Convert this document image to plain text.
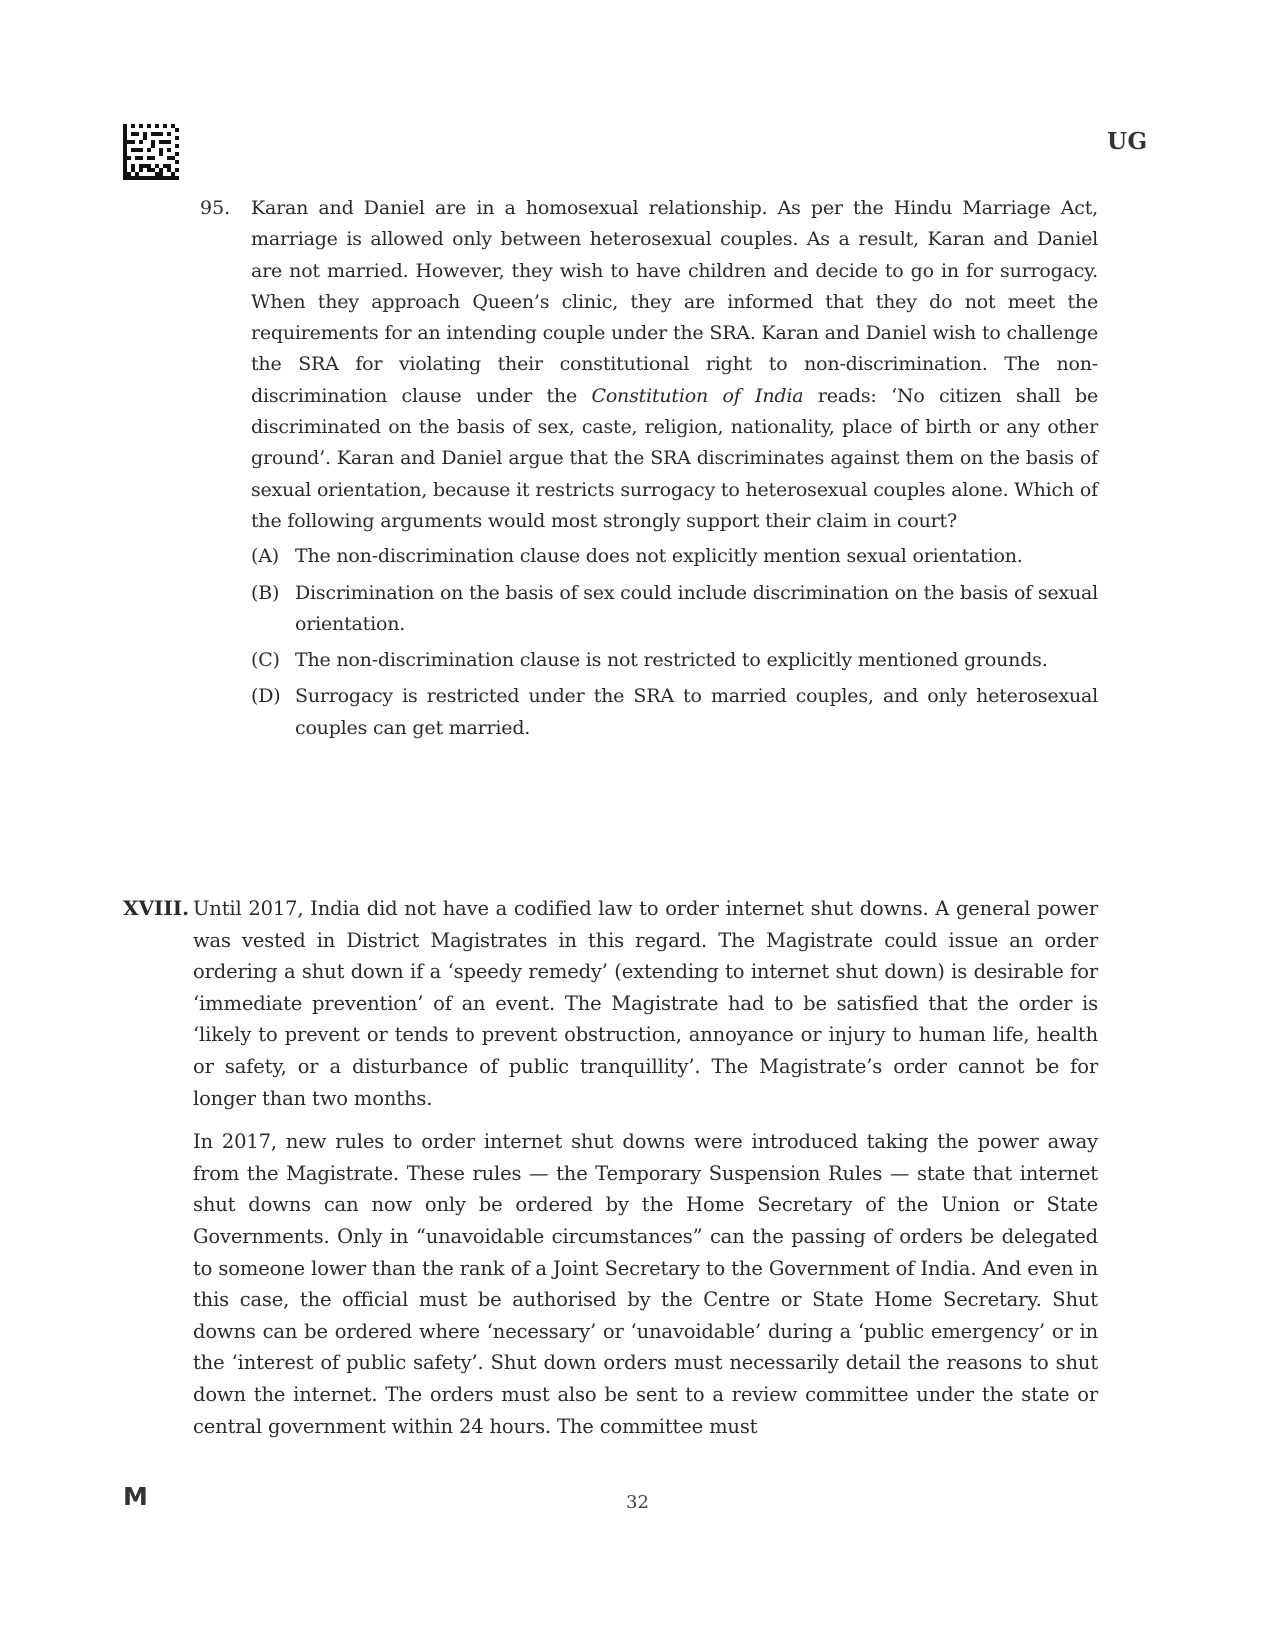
UG
95. Karan and Daniel are in a homosexual relationship. As per the Hindu Marriage Act, marriage is allowed only between heterosexual couples. As a result, Karan and Daniel are not married. However, they wish to have children and decide to go in for surrogacy. When they approach Queen’s clinic, they are informed that they do not meet the requirements for an intending couple under the SRA. Karan and Daniel wish to challenge the SRA for violating their constitutional right to non-discrimination. The non-discrimination clause under the Constitution of India reads: ‘No citizen shall be discriminated on the basis of sex, caste, religion, nationality, place of birth or any other ground’. Karan and Daniel argue that the SRA discriminates against them on the basis of sexual orientation, because it restricts surrogacy to heterosexual couples alone. Which of the following arguments would most strongly support their claim in court?
(A) The non-discrimination clause does not explicitly mention sexual orientation.
(B) Discrimination on the basis of sex could include discrimination on the basis of sexual orientation.
(C) The non-discrimination clause is not restricted to explicitly mentioned grounds.
(D) Surrogacy is restricted under the SRA to married couples, and only heterosexual couples can get married.
XVIII. Until 2017, India did not have a codified law to order internet shut downs. A general power was vested in District Magistrates in this regard. The Magistrate could issue an order ordering a shut down if a ‘speedy remedy’ (extending to internet shut down) is desirable for ‘immediate prevention’ of an event. The Magistrate had to be satisfied that the order is ‘likely to prevent or tends to prevent obstruction, annoyance or injury to human life, health or safety, or a disturbance of public tranquillity’. The Magistrate’s order cannot be for longer than two months.

In 2017, new rules to order internet shut downs were introduced taking the power away from the Magistrate. These rules — the Temporary Suspension Rules — state that internet shut downs can now only be ordered by the Home Secretary of the Union or State Governments. Only in “unavoidable circumstances” can the passing of orders be delegated to someone lower than the rank of a Joint Secretary to the Government of India. And even in this case, the official must be authorised by the Centre or State Home Secretary. Shut downs can be ordered where ‘necessary’ or ‘unavoidable’ during a ‘public emergency’ or in the ‘interest of public safety’. Shut down orders must necessarily detail the reasons to shut down the internet. The orders must also be sent to a review committee under the state or central government within 24 hours. The committee must

M	32
